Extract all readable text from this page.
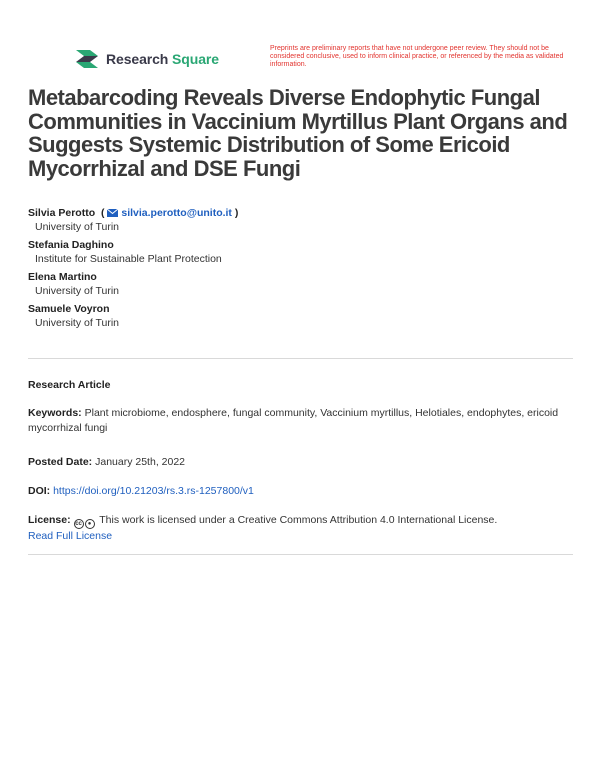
Research Square
Preprints are preliminary reports that have not undergone peer review. They should not be considered conclusive, used to inform clinical practice, or referenced by the media as validated information.
Metabarcoding Reveals Diverse Endophytic Fungal Communities in Vaccinium Myrtillus Plant Organs and Suggests Systemic Distribution of Some Ericoid Mycorrhizal and DSE Fungi
Silvia Perotto  ( silvia.perotto@unito.it )
University of Turin
Stefania Daghino
Institute for Sustainable Plant Protection
Elena Martino
University of Turin
Samuele Voyron
University of Turin
Research Article
Keywords: Plant microbiome, endosphere, fungal community, Vaccinium myrtillus, Helotiales, endophytes, ericoid mycorrhizal fungi
Posted Date: January 25th, 2022
DOI: https://doi.org/10.21203/rs.3.rs-1257800/v1
License: cc ● This work is licensed under a Creative Commons Attribution 4.0 International License.
Read Full License
